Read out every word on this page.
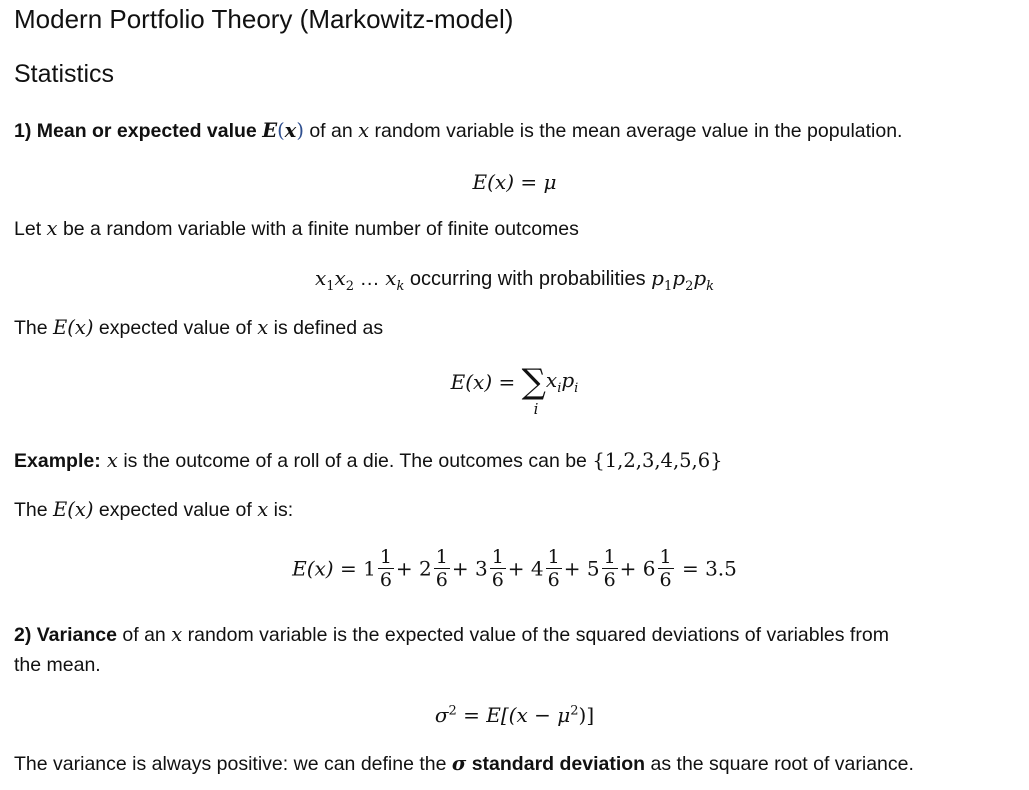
Modern Portfolio Theory (Markowitz-model)
Statistics
1) Mean or expected value E(x) of an x random variable is the mean average value in the population.
E(x) = μ
Let x be a random variable with a finite number of finite outcomes
$x_1x_2$ … $x_k$ occurring with probabilities $p_1p_2p_k$
The E(x) expected value of x is defined as
E(x) = ∑
i
$x_ip_i$
Example: x is the outcome of a roll of a die. The outcomes can be {1,2,3,4,5,6}
The E(x) expected value of x is:
$E(x) = 1 \frac{1}{6} + 2 \frac{1}{6} + 3 \frac{1}{6} + 4 \frac{1}{6} + 5 \frac{1}{6} + 6 \frac{1}{6} = 3.5$
2) Variance of an x random variable is the expected value of the squared deviations of variables from
the mean.
$\sigma^2 = E[(x - \mu^2)]$
The variance is always positive: we can define the σ standard deviation as the square root of variance.
